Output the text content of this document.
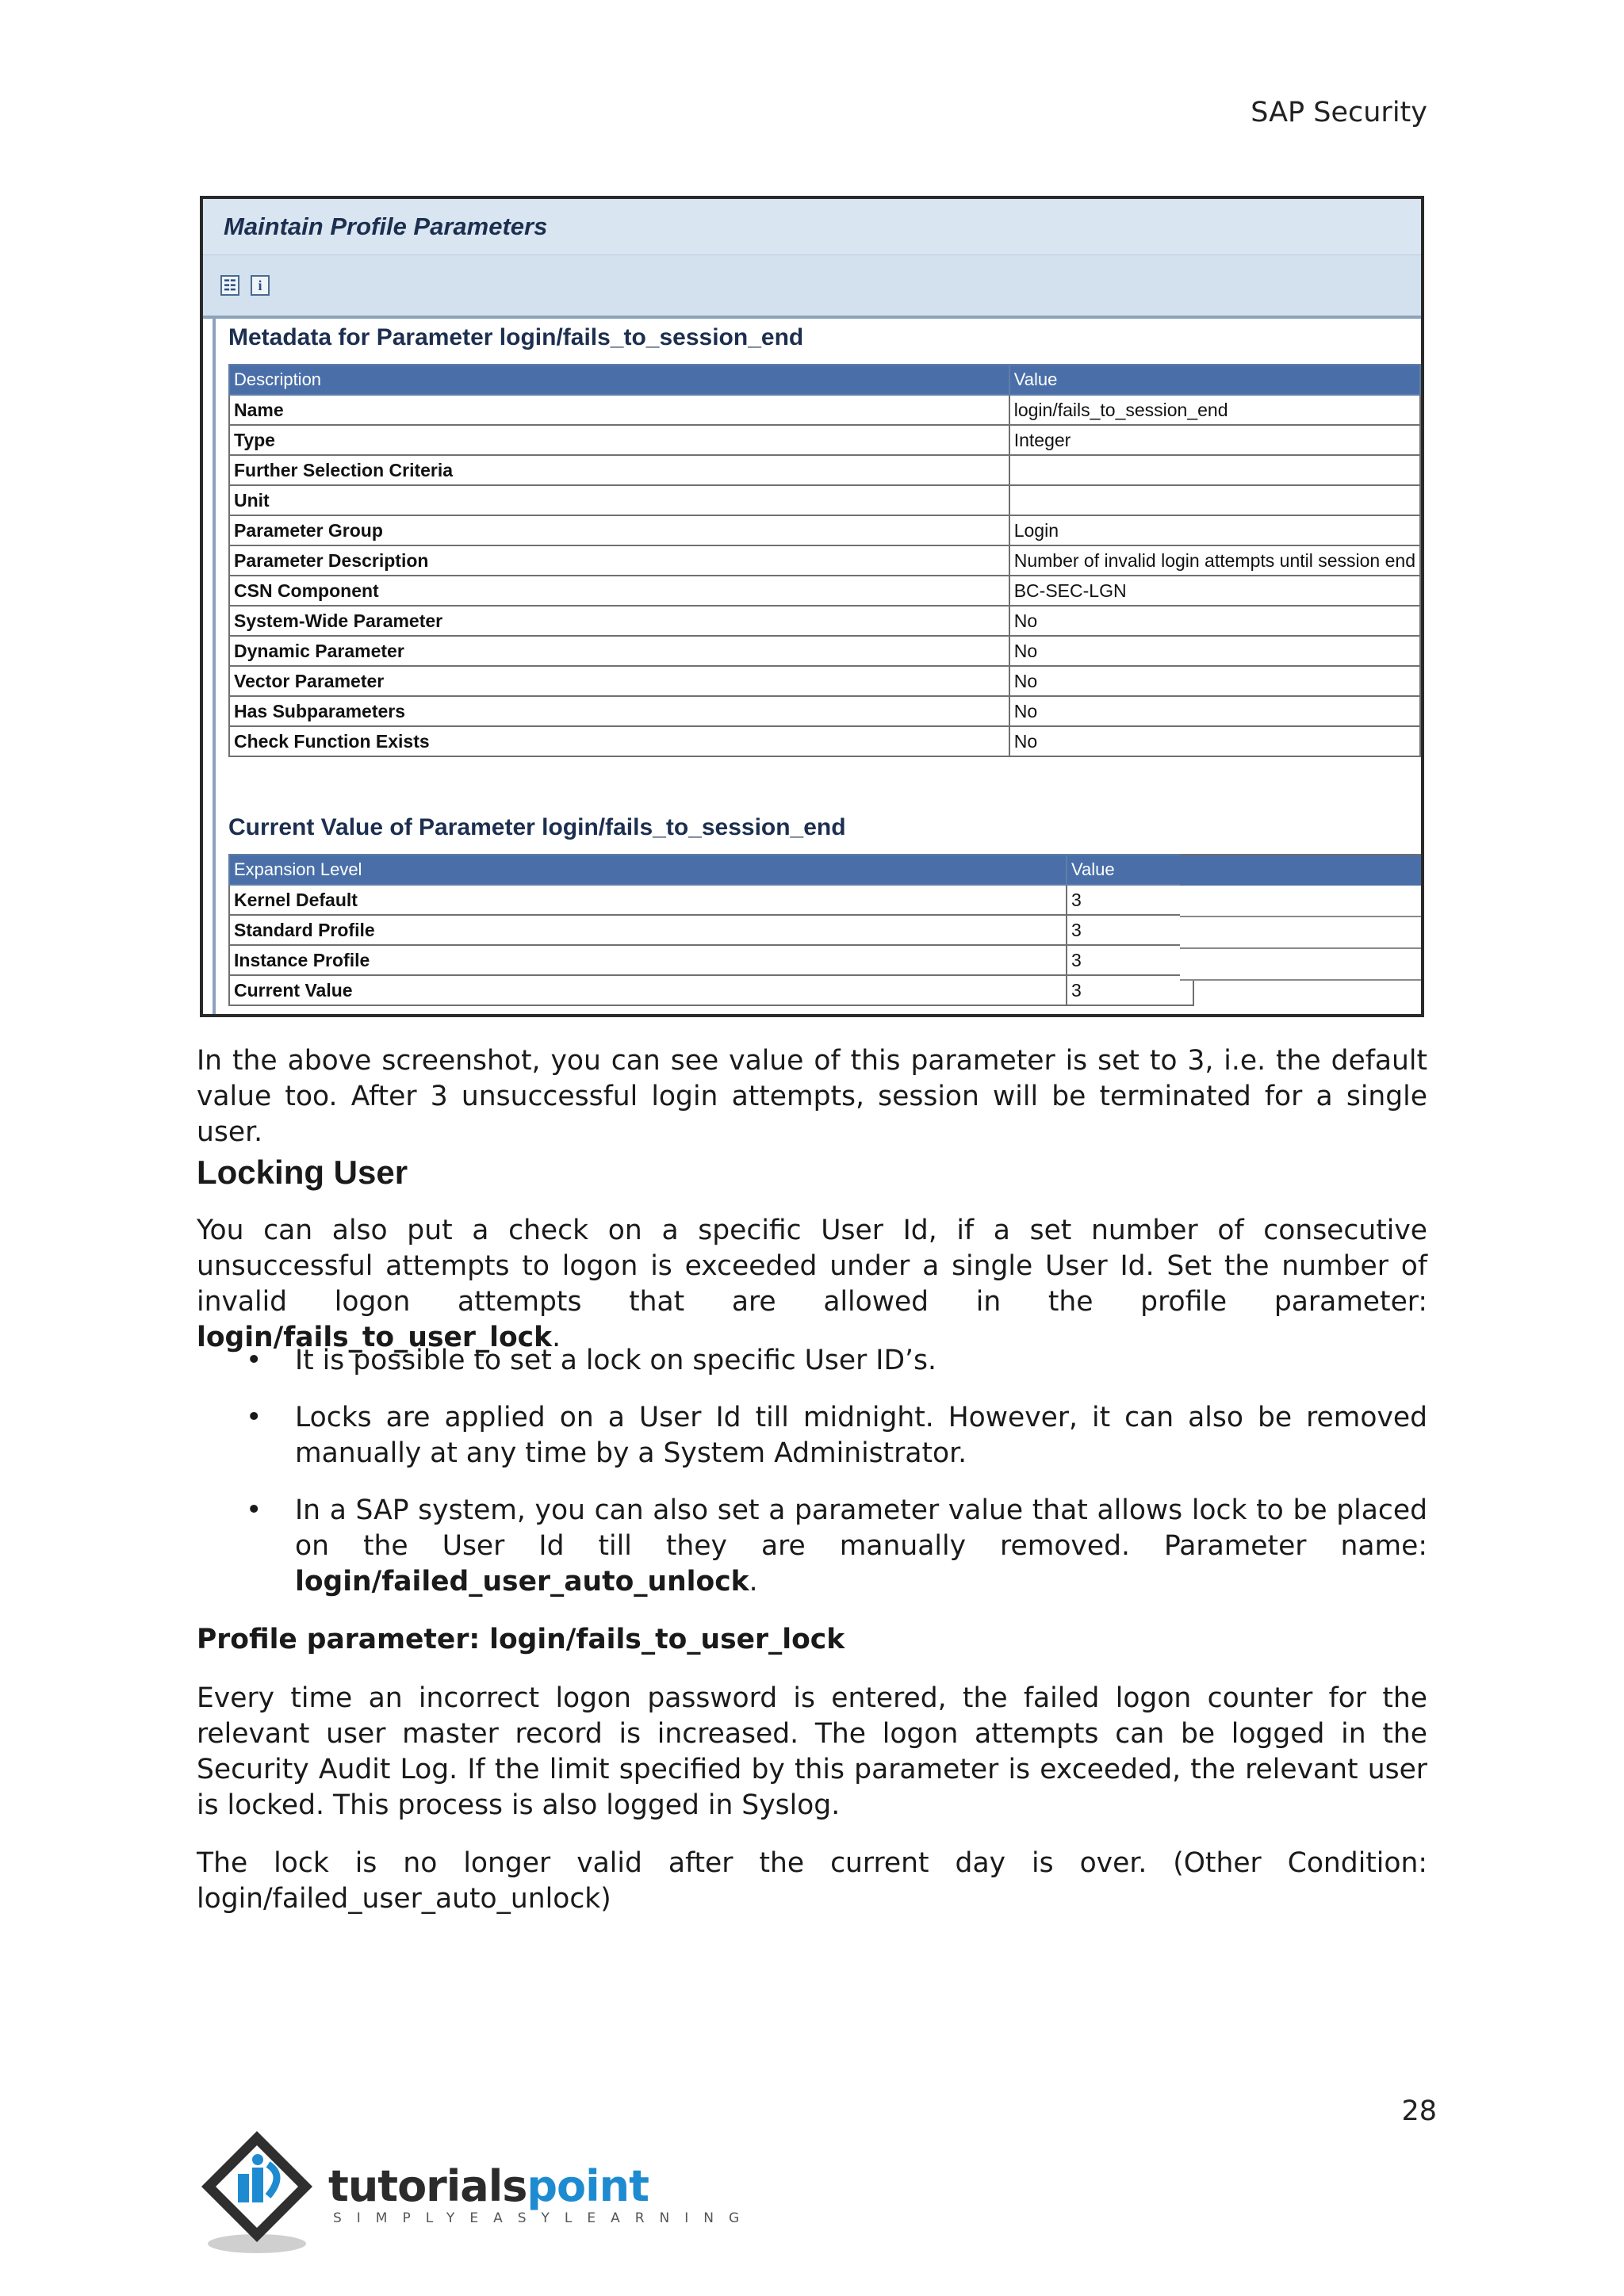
SAP Security
Maintain Profile Parameters
☷	i
Metadata for Parameter login/fails_to_session_end
Description	Value
Name	login/fails_to_session_end
Type	Integer
Further Selection Criteria	
Unit	
Parameter Group	Login
Parameter Description	Number of invalid login attempts until session end
CSN Component	BC-SEC-LGN
System-Wide Parameter	No
Dynamic Parameter	No
Vector Parameter	No
Has Subparameters	No
Check Function Exists	No
Current Value of Parameter login/fails_to_session_end
Expansion Level	Value
Kernel Default	3
Standard Profile	3
Instance Profile	3
Current Value	3
In the above screenshot, you can see value of this parameter is set to 3, i.e. the default value too. After 3 unsuccessful login attempts, session will be terminated for a single user.
Locking User
You can also put a check on a specific User Id, if a set number of consecutive unsuccessful attempts to logon is exceeded under a single User Id. Set the number of invalid logon attempts that are allowed in the profile parameter: login/fails_to_user_lock.
• It is possible to set a lock on specific User ID’s.
• Locks are applied on a User Id till midnight. However, it can also be removed manually at any time by a System Administrator.
• In a SAP system, you can also set a parameter value that allows lock to be placed on the User Id till they are manually removed. Parameter name: login/failed_user_auto_unlock.
Profile parameter: login/fails_to_user_lock
Every time an incorrect logon password is entered, the failed logon counter for the relevant user master record is increased. The logon attempts can be logged in the Security Audit Log. If the limit specified by this parameter is exceeded, the relevant user is locked. This process is also logged in Syslog.
The lock is no longer valid after the current day is over. (Other Condition: login/failed_user_auto_unlock)
28
tutorialspoint
SIMPLYEASYLEARNING
